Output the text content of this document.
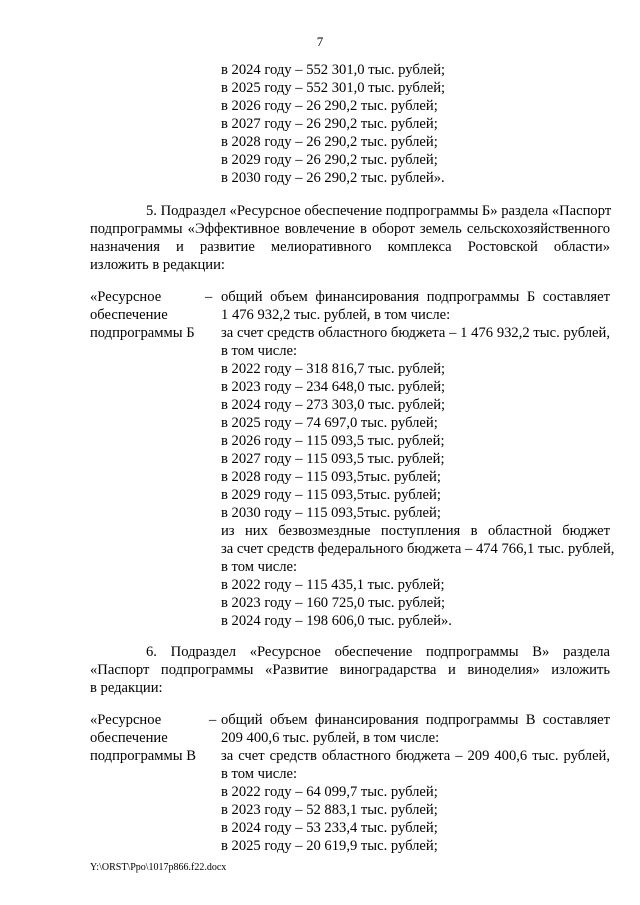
7
в 2024 году – 552 301,0 тыс. рублей;
в 2025 году – 552 301,0 тыс. рублей;
в 2026 году – 26 290,2 тыс. рублей;
в 2027 году – 26 290,2 тыс. рублей;
в 2028 году – 26 290,2 тыс. рублей;
в 2029 году – 26 290,2 тыс. рублей;
в 2030 году – 26 290,2 тыс. рублей».
5. Подраздел «Ресурсное обеспечение подпрограммы Б» раздела «Паспорт
подпрограммы «Эффективное вовлечение в оборот земель сельскохозяйственного
назначения и развитие мелиоративного комплекса Ростовской области»
изложить в редакции:
«Ресурсное
обеспечение
подпрограммы Б
– общий объем финансирования подпрограммы Б составляет
1 476 932,2 тыс. рублей, в том числе:
за счет средств областного бюджета – 1 476 932,2 тыс. рублей,
в том числе:
в 2022 году – 318 816,7 тыс. рублей;
в 2023 году – 234 648,0 тыс. рублей;
в 2024 году – 273 303,0 тыс. рублей;
в 2025 году – 74 697,0 тыс. рублей;
в 2026 году – 115 093,5 тыс. рублей;
в 2027 году – 115 093,5 тыс. рублей;
в 2028 году – 115 093,5тыс. рублей;
в 2029 году – 115 093,5тыс. рублей;
в 2030 году – 115 093,5тыс. рублей;
из них безвозмездные поступления в областной бюджет
за счет средств федерального бюджета – 474 766,1 тыс. рублей,
в том числе:
в 2022 году – 115 435,1 тыс. рублей;
в 2023 году – 160 725,0 тыс. рублей;
в 2024 году – 198 606,0 тыс. рублей».
6. Подраздел «Ресурсное обеспечение подпрограммы В» раздела
«Паспорт подпрограммы «Развитие виноградарства и виноделия» изложить
в редакции:
«Ресурсное
обеспечение
подпрограммы В
– общий объем финансирования подпрограммы В составляет
209 400,6 тыс. рублей, в том числе:
за счет средств областного бюджета – 209 400,6 тыс. рублей,
в том числе:
в 2022 году – 64 099,7 тыс. рублей;
в 2023 году – 52 883,1 тыс. рублей;
в 2024 году – 53 233,4 тыс. рублей;
в 2025 году – 20 619,9 тыс. рублей;
Y:\ORST\Ppo\1017p866.f22.docx
